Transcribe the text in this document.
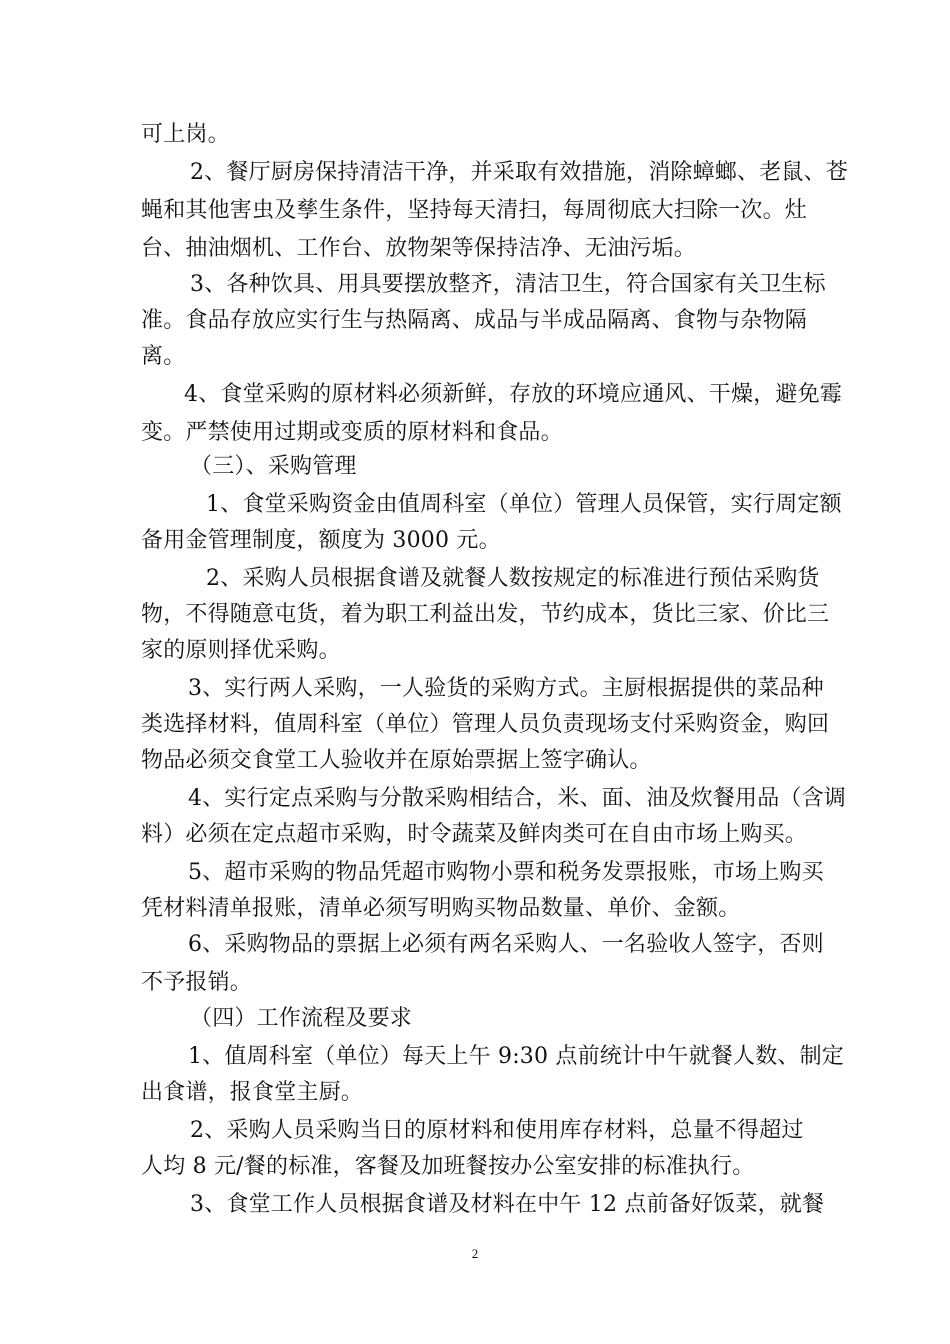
可上岗。
2、餐厅厨房保持清洁干净，并采取有效措施，消除蟑螂、老鼠、苍
蝇和其他害虫及孳生条件，坚持每天清扫，每周彻底大扫除一次。灶
台、抽油烟机、工作台、放物架等保持洁净、无油污垢。
3、各种饮具、用具要摆放整齐，清洁卫生，符合国家有关卫生标
准。食品存放应实行生与热隔离、成品与半成品隔离、食物与杂物隔
离。
4、食堂采购的原材料必须新鲜，存放的环境应通风、干燥，避免霉
变。严禁使用过期或变质的原材料和食品。
（三）、采购管理
1、食堂采购资金由值周科室（单位）管理人员保管，实行周定额
备用金管理制度，额度为 3000 元。
2、采购人员根据食谱及就餐人数按规定的标准进行预估采购货
物，不得随意屯货，着为职工利益出发，节约成本，货比三家、价比三
家的原则择优采购。
3、实行两人采购，一人验货的采购方式。主厨根据提供的菜品种
类选择材料，值周科室（单位）管理人员负责现场支付采购资金，购回
物品必须交食堂工人验收并在原始票据上签字确认。
4、实行定点采购与分散采购相结合，米、面、油及炊餐用品（含调
料）必须在定点超市采购，时令蔬菜及鲜肉类可在自由市场上购买。
5、超市采购的物品凭超市购物小票和税务发票报账，市场上购买
凭材料清单报账，清单必须写明购买物品数量、单价、金额。
6、采购物品的票据上必须有两名采购人、一名验收人签字，否则
不予报销。
（四）工作流程及要求
1、值周科室（单位）每天上午 9:30 点前统计中午就餐人数、制定
出食谱，报食堂主厨。
2、采购人员采购当日的原材料和使用库存材料，总量不得超过
人均 8 元/餐的标准，客餐及加班餐按办公室安排的标准执行。
3、食堂工作人员根据食谱及材料在中午 12 点前备好饭菜，就餐
2
